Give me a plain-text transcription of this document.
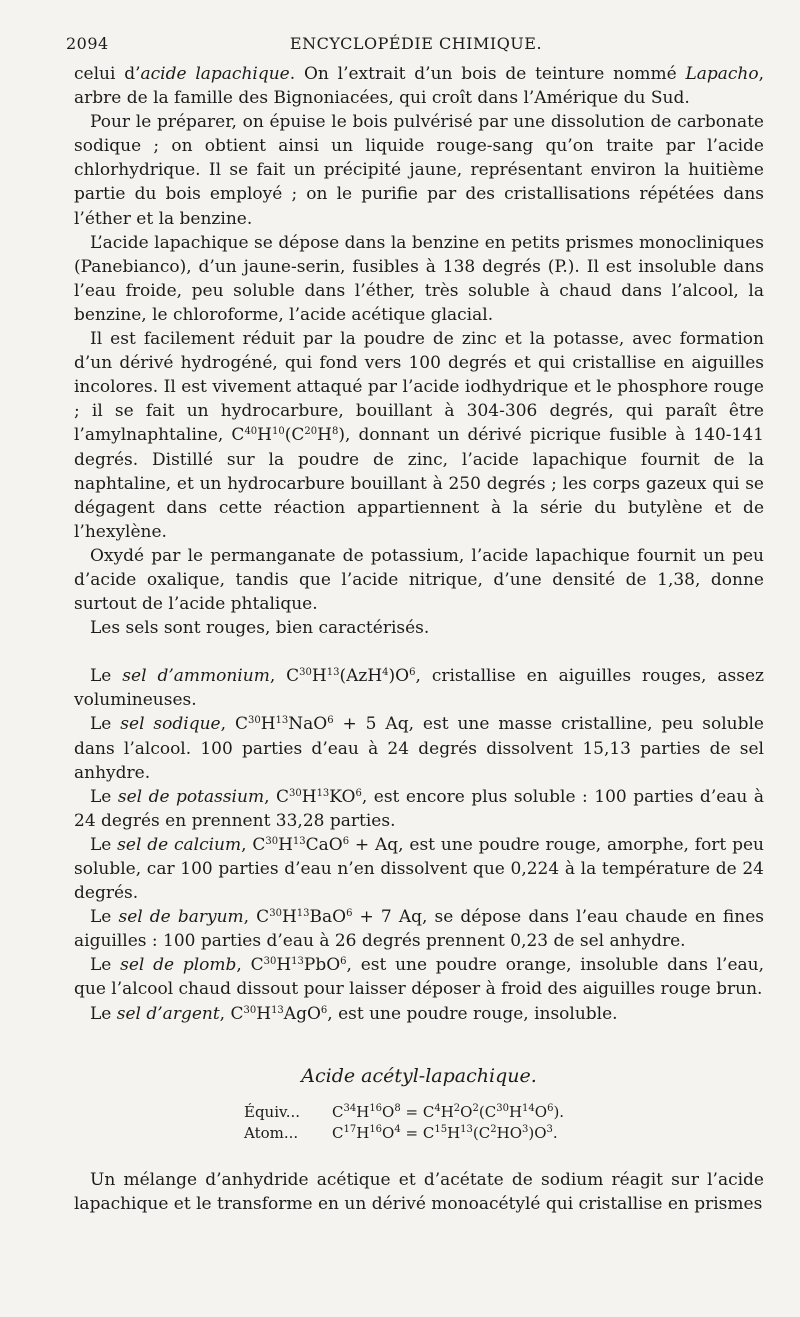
2094	ENCYCLOPÉDIE CHIMIQUE.

celui d’acide lapachique. On l’extrait d’un bois de teinture nommé Lapacho, arbre de la famille des Bignoniacées, qui croît dans l’Amérique du Sud.

Pour le préparer, on épuise le bois pulvérisé par une dissolution de carbonate sodique ; on obtient ainsi un liquide rouge-sang qu’on traite par l’acide chlorhydrique. Il se fait un précipité jaune, représentant environ la huitième partie du bois employé ; on le purifie par des cristallisations répétées dans l’éther et la benzine.

L’acide lapachique se dépose dans la benzine en petits prismes monocliniques (Panebianco), d’un jaune-serin, fusibles à 138 degrés (P.). Il est insoluble dans l’eau froide, peu soluble dans l’éther, très soluble à chaud dans l’alcool, la benzine, le chloroforme, l’acide acétique glacial.

Il est facilement réduit par la poudre de zinc et la potasse, avec formation d’un dérivé hydrogéné, qui fond vers 100 degrés et qui cristallise en aiguilles incolores. Il est vivement attaqué par l’acide iodhydrique et le phosphore rouge ; il se fait un hydrocarbure, bouillant à 304-306 degrés, qui paraît être l’amylnaphtaline, $C^{40}H^{10}(C^{20}H^8)$, donnant un dérivé picrique fusible à 140-141 degrés. Distillé sur la poudre de zinc, l’acide lapachique fournit de la naphtaline, et un hydrocarbure bouillant à 250 degrés ; les corps gazeux qui se dégagent dans cette réaction appartiennent à la série du butylène et de l’hexylène.

Oxydé par le permanganate de potassium, l’acide lapachique fournit un peu d’acide oxalique, tandis que l’acide nitrique, d’une densité de 1,38, donne surtout de l’acide phtalique.

Les sels sont rouges, bien caractérisés.

Le sel d’ammonium, $C^{30}H^{13}(AzH^4)O^6$, cristallise en aiguilles rouges, assez volumineuses.

Le sel sodique, $C^{30}H^{13}NaO^6 + 5$ Aq, est une masse cristalline, peu soluble dans l’alcool. 100 parties d’eau à 24 degrés dissolvent 15,13 parties de sel anhydre.

Le sel de potassium, $C^{30}H^{13}KO^6$, est encore plus soluble : 100 parties d’eau à 24 degrés en prennent 33,28 parties.

Le sel de calcium, $C^{30}H^{13}CaO^6 + Aq$, est une poudre rouge, amorphe, fort peu soluble, car 100 parties d’eau n’en dissolvent que 0,224 à la température de 24 degrés.

Le sel de baryum, $C^{30}H^{13}BaO^6 + 7$ Aq, se dépose dans l’eau chaude en fines aiguilles : 100 parties d’eau à 26 degrés prennent 0,23 de sel anhydre.

Le sel de plomb, $C^{30}H^{13}PbO^6$, est une poudre orange, insoluble dans l’eau, que l’alcool chaud dissout pour laisser déposer à froid des aiguilles rouge brun.

Le sel d’argent, $C^{30}H^{13}AgO^6$, est une poudre rouge, insoluble.

Acide acétyl-lapachique.

Équiv... $C^{34}H^{16}O^8 = C^4H^2O^2(C^{30}H^{14}O^6)$.
Atom... $C^{17}H^{16}O^4 = C^{15}H^{13}(C^2HO^3)O^3$.

Un mélange d’anhydride acétique et d’acétate de sodium réagit sur l’acide lapachique et le transforme en un dérivé monoacétylé qui cristallise en prismes
